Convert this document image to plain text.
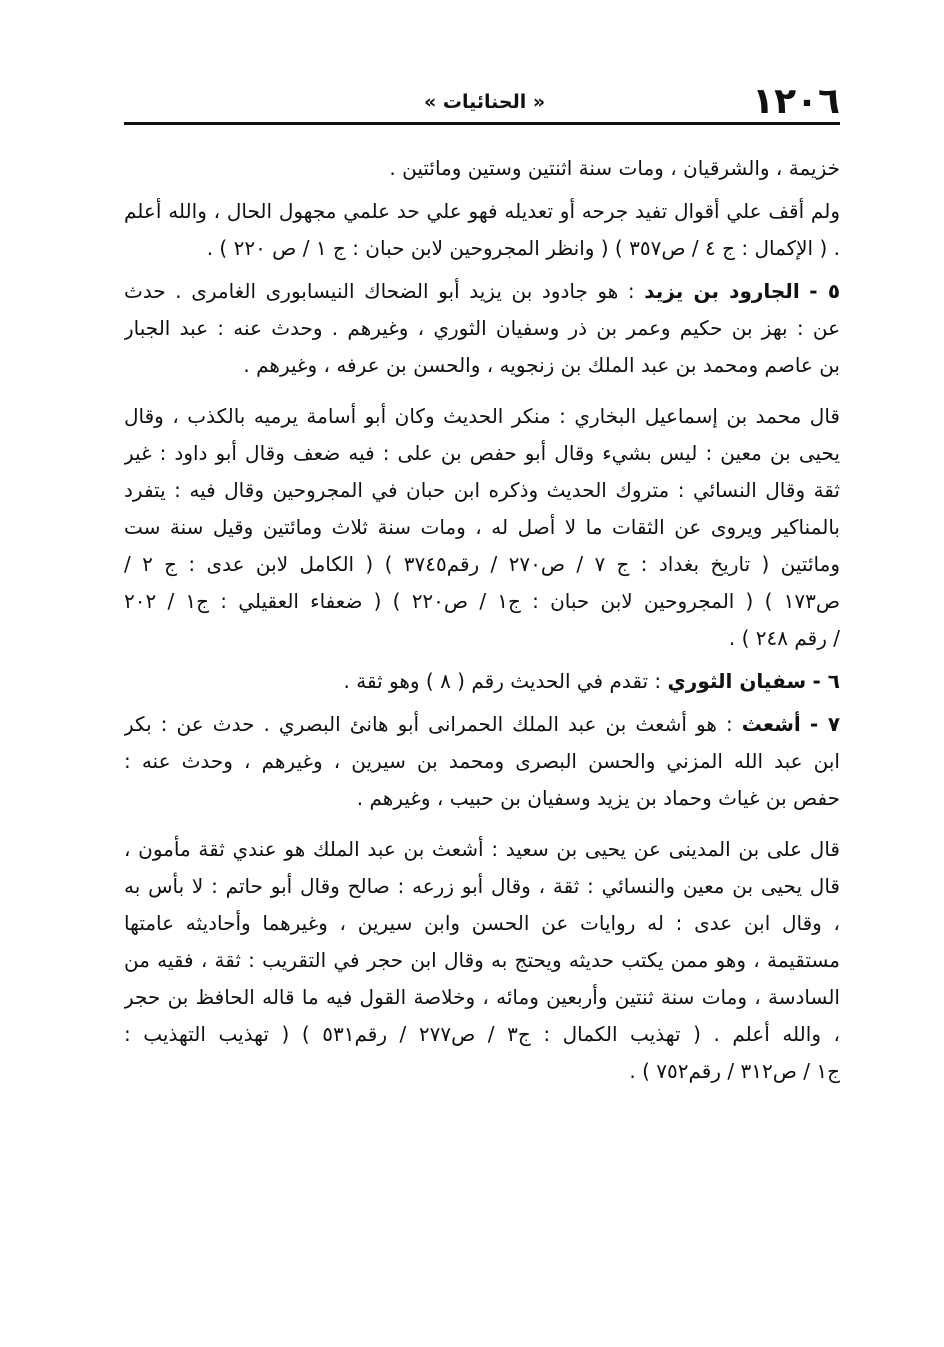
١٢٠٦
« الحنائيات »
خزيمة ، والشرقيان ، ومات سنة اثنتين وستين ومائتين .
ولم أقف علي أقوال تفيد جرحه أو تعديله فهو علي حد علمي مجهول الحال ، والله أعلم
. ( الإكمال : ج ٤ / ص٣٥٧ ) ( وانظر المجروحين لابن حبان : ج ١ / ص ٢٢٠ ) .
٥ - الجارود بن يزيد : هو جادود بن يزيد أبو الضحاك النيسابورى الغامرى . حدث
عن : بهز بن حكيم وعمر بن ذر وسفيان الثوري ، وغيرهم . وحدث عنه : عبد الجبار
بن عاصم ومحمد بن عبد الملك بن زنجويه ، والحسن بن عرفه ، وغيرهم .
قال محمد بن إسماعيل البخاري : منكر الحديث وكان أبو أسامة يرميه بالكذب ، وقال
يحيى بن معين : ليس بشيء وقال أبو حفص بن على : فيه ضعف وقال أبو داود : غير
ثقة وقال النسائي : متروك الحديث وذكره ابن حبان في المجروحين وقال فيه : يتفرد
بالمناكير ويروى عن الثقات ما لا أصل له ، ومات سنة ثلاث ومائتين وقيل سنة ست
ومائتين ( تاريخ بغداد : ج ٧ / ص٢٧٠ / رقم٣٧٤٥ ) ( الكامل لابن عدى : ج ٢ /
ص١٧٣ ) ( المجروحين لابن حبان : ج١ / ص٢٢٠ ) ( ضعفاء العقيلي : ج١ / ٢٠٢
/ رقم ٢٤٨ ) .
٦ - سفيان الثوري : تقدم في الحديث رقم ( ٨ ) وهو ثقة .
٧ - أشعث : هو أشعث بن عبد الملك الحمرانى أبو هانئ البصري . حدث عن : بكر
ابن عبد الله المزني والحسن البصرى ومحمد بن سيرين ، وغيرهم ، وحدث عنه :
حفص بن غياث وحماد بن يزيد وسفيان بن حبيب ، وغيرهم .
قال على بن المدينى عن يحيى بن سعيد : أشعث بن عبد الملك هو عندي ثقة مأمون ،
قال يحيى بن معين والنسائي : ثقة ، وقال أبو زرعه : صالح وقال أبو حاتم : لا بأس به
، وقال ابن عدى : له روايات عن الحسن وابن سيرين ، وغيرهما وأحاديثه عامتها
مستقيمة ، وهو ممن يكتب حديثه ويحتج به وقال ابن حجر في التقريب : ثقة ، فقيه من
السادسة ، ومات سنة ثنتين وأربعين ومائه ، وخلاصة القول فيه ما قاله الحافظ بن حجر
، والله أعلم . ( تهذيب الكمال : ج٣ / ص٢٧٧ / رقم٥٣١ ) ( تهذيب التهذيب :
ج١ / ص٣١٢ / رقم٧٥٢ ) .
